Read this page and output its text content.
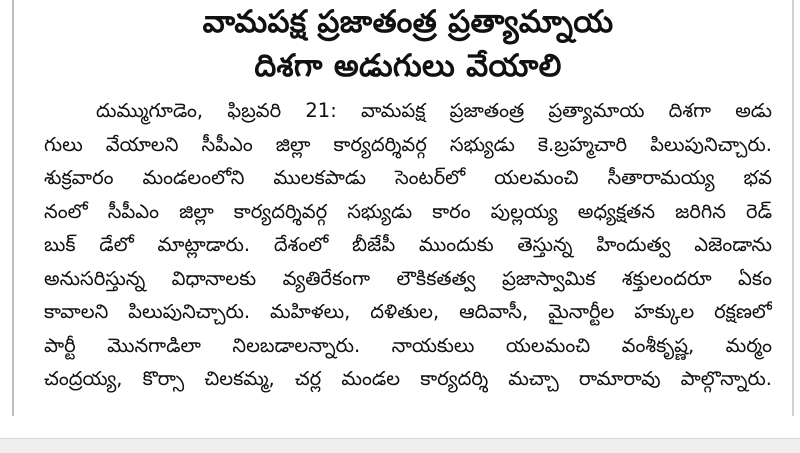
వామపక్ష ప్రజాతంత్ర ప్రత్యామ్నాయ
దిశగా అడుగులు వేయాలి
దుమ్ముగూడెం, ఫిబ్రవరి 21: వామపక్ష ప్రజాతంత్ర ప్రత్యామాయ దిశగా అడు
గులు వేయాలని సీపీఎం జిల్లా కార్యదర్శివర్గ సభ్యుడు కె.బ్రహ్మచారి పిలుపునిచ్చారు.
శుక్రవారం మండలంలోని ములకపాడు సెంటర్‌లో యలమంచి సీతారామయ్య భవ
నంలో సీపీఎం జిల్లా కార్యదర్శివర్గ సభ్యుడు కారం పుల్లయ్య అధ్యక్షతన జరిగిన రెడ్
బుక్ డేలో మాట్లాడారు. దేశంలో బీజేపీ ముందుకు తెస్తున్న హిందుత్వ ఎజెండాను
అనుసరిస్తున్న విధానాలకు వ్యతిరేకంగా లౌకికతత్వ ప్రజాస్వామిక శక్తులందరూ ఏకం
కావాలని పిలుపునిచ్చారు. మహిళలు, దళితుల, ఆదివాసీ, మైనార్టీల హక్కుల రక్షణలో
పార్టీ మొనగాడిలా నిలబడాలన్నారు. నాయకులు యలమంచి వంశీకృష్ణ, మర్మం
చంద్రయ్య, కొర్సా చిలకమ్మ, చర్ల మండల కార్యదర్శి మచ్చా రామారావు పాల్గొన్నారు.
